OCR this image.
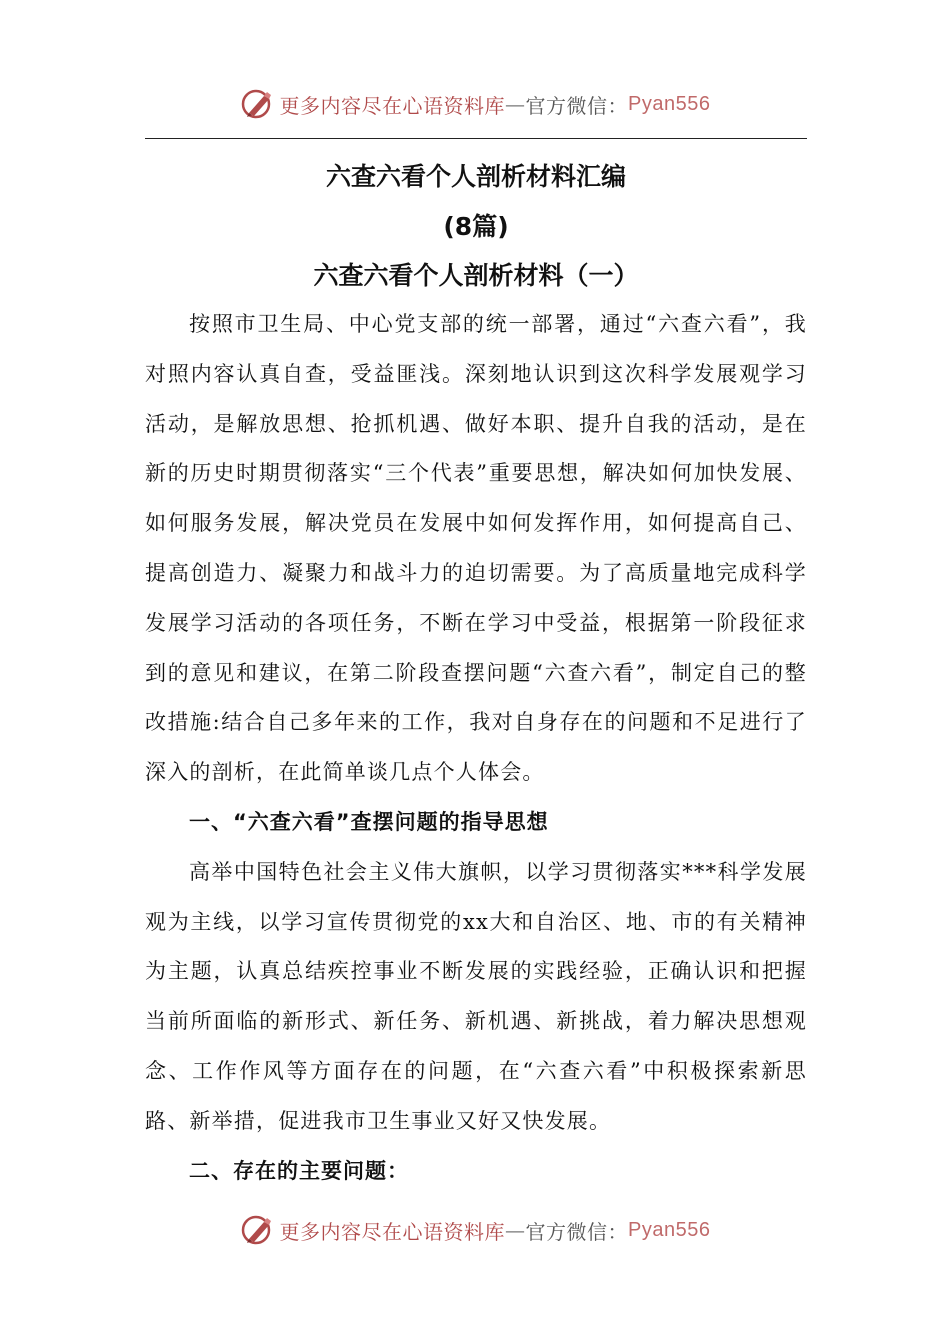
更多内容尽在心语资料库 — 官方微信： Pyan556
六查六看个人剖析材料汇编
(8篇)
六查六看个人剖析材料（一）

按照市卫生局、中心党支部的统一部署，通过“六查六看”，我对照内容认真自查，受益匪浅。深刻地认识到这次科学发展观学习活动，是解放思想、抢抓机遇、做好本职、提升自我的活动，是在新的历史时期贯彻落实“三个代表”重要思想，解决如何加快发展、如何服务发展，解决党员在发展中如何发挥作用，如何提高自己、提高创造力、凝聚力和战斗力的迫切需要。为了高质量地完成科学发展学习活动的各项任务，不断在学习中受益，根据第一阶段征求到的意见和建议，在第二阶段查摆问题“六查六看”，制定自己的整改措施:结合自己多年来的工作，我对自身存在的问题和不足进行了深入的剖析，在此简单谈几点个人体会。

一、“六查六看”查摆问题的指导思想

高举中国特色社会主义伟大旗帜，以学习贯彻落实***科学发展观为主线，以学习宣传贯彻党的xx大和自治区、地、市的有关精神为主题，认真总结疾控事业不断发展的实践经验，正确认识和把握当前所面临的新形式、新任务、新机遇、新挑战，着力解决思想观念、工作作风等方面存在的问题，在“六查六看”中积极探索新思路、新举措，促进我市卫生事业又好又快发展。

二、存在的主要问题：

更多内容尽在心语资料库 — 官方微信： Pyan556
